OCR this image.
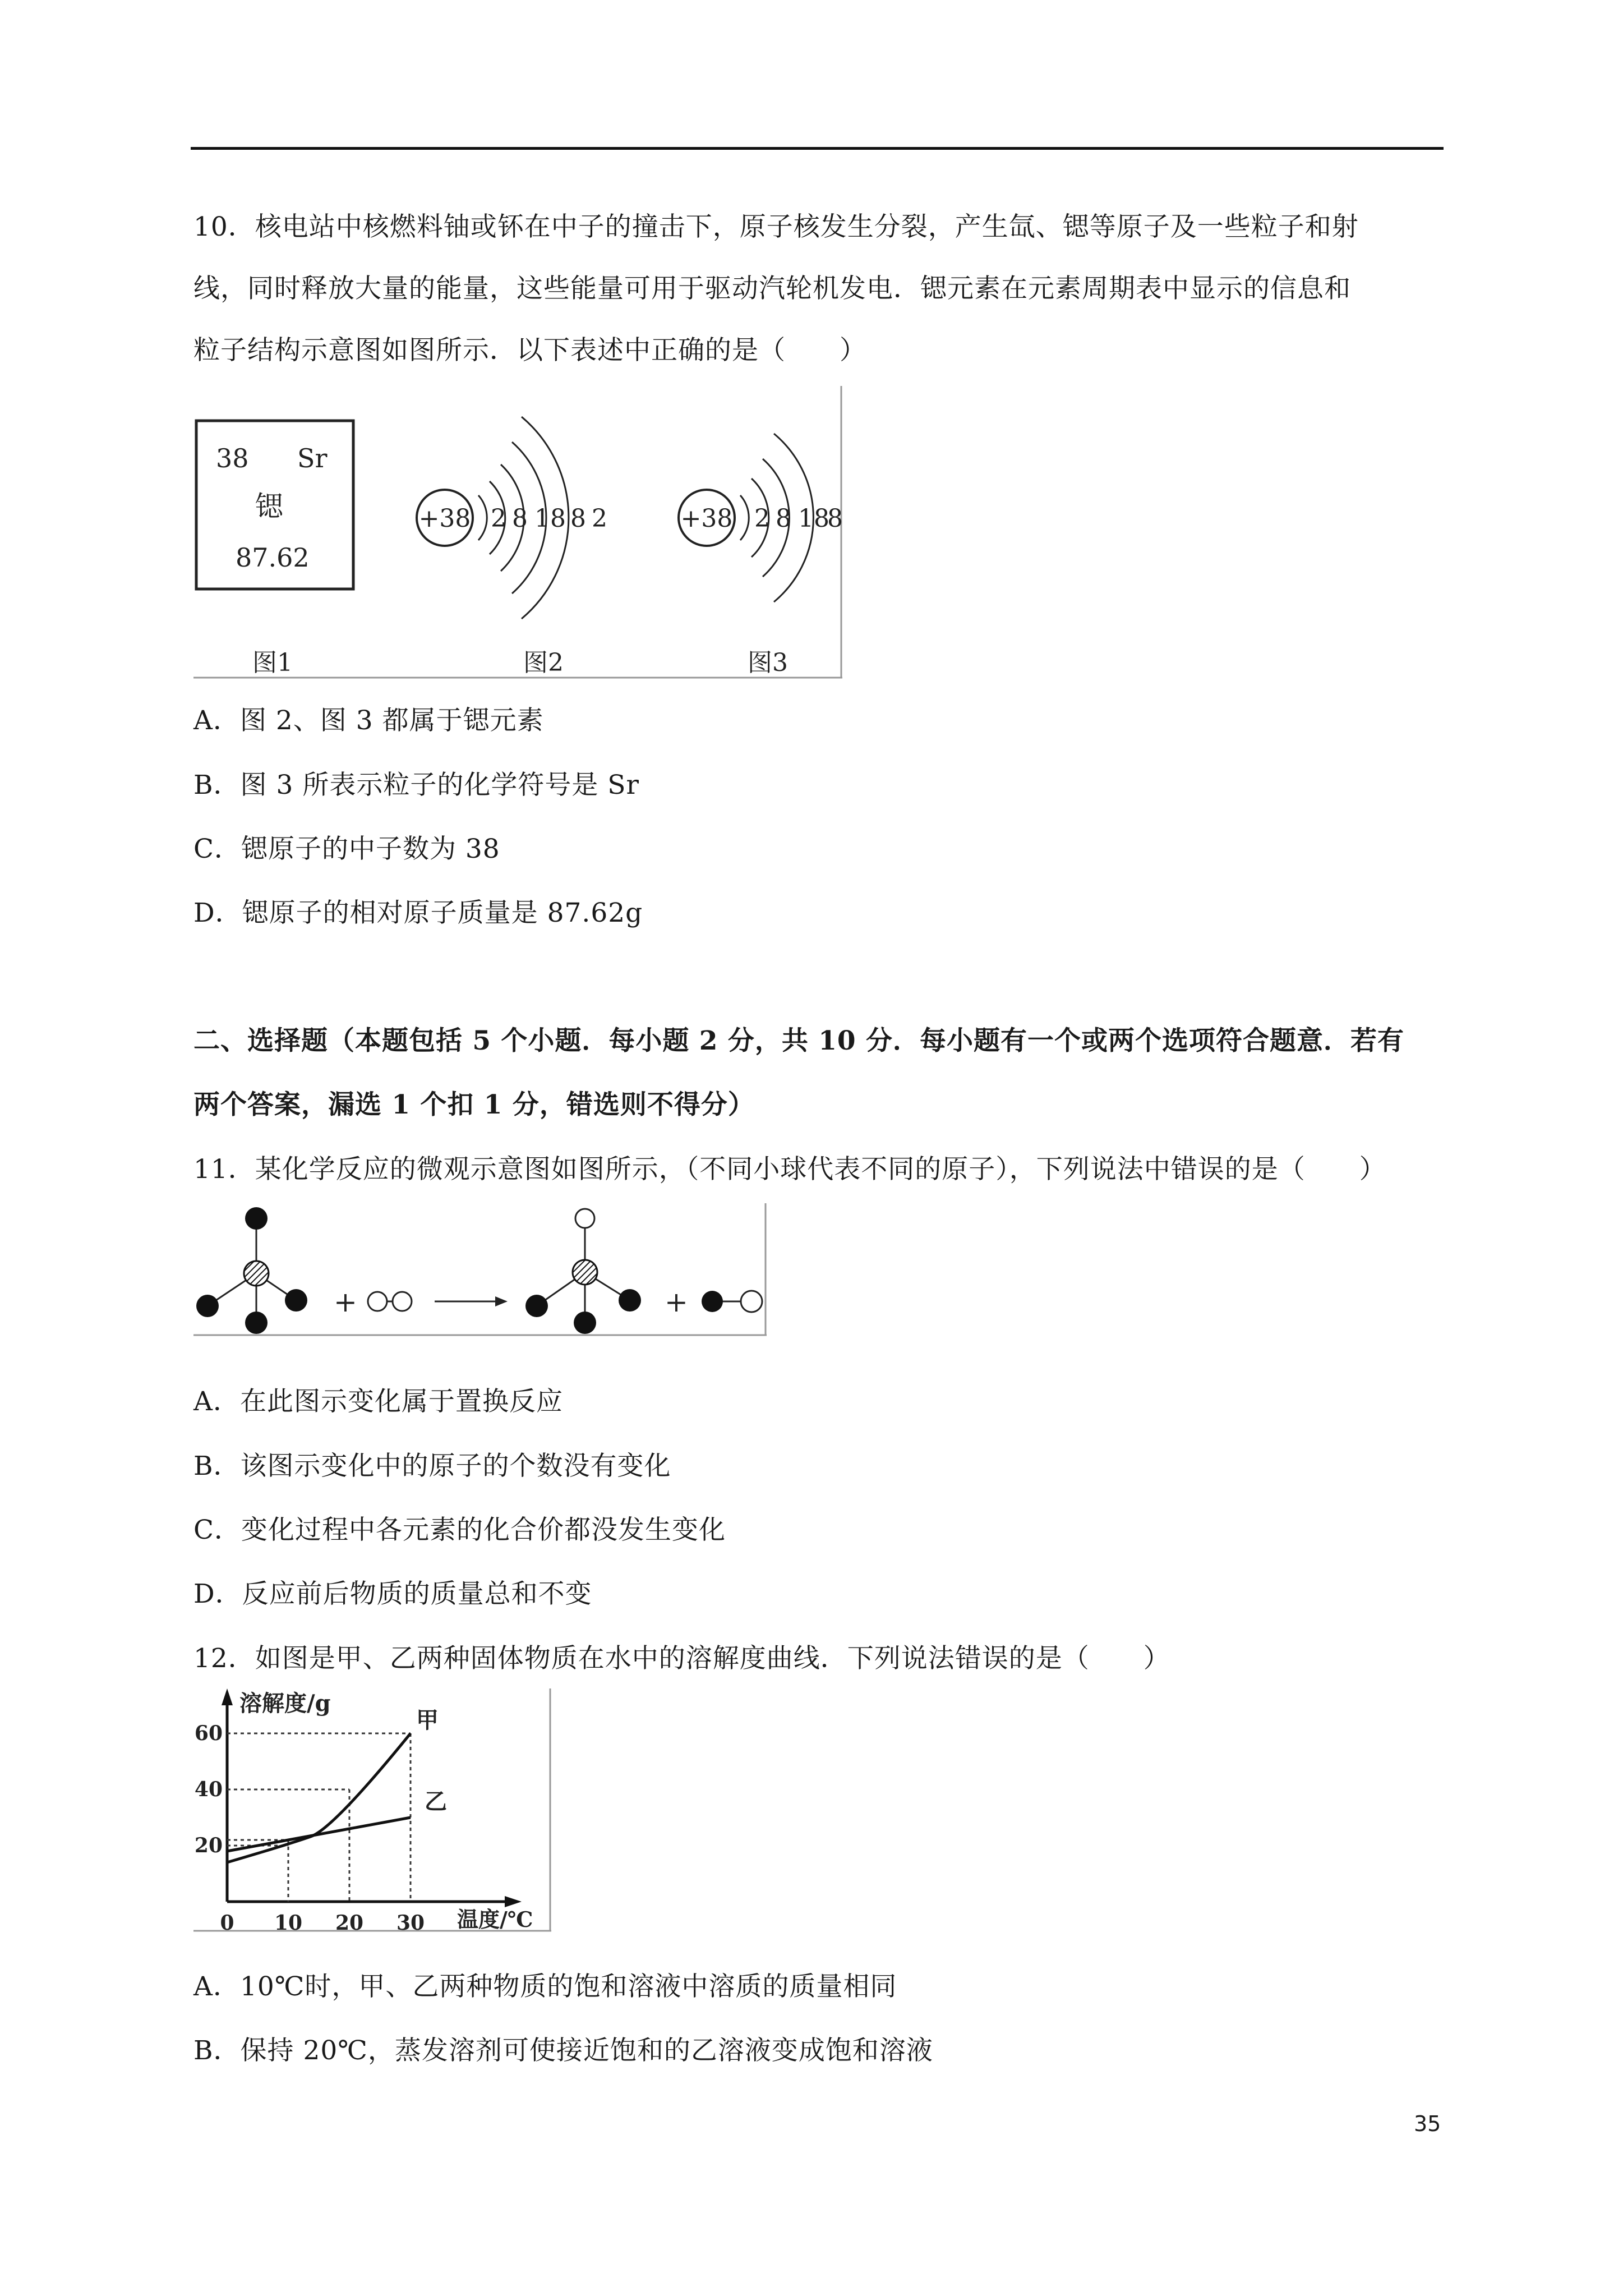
10．核电站中核燃料铀或钚在中子的撞击下，原子核发生分裂，产生氙、锶等原子及一些粒子和射
线，同时释放大量的能量，这些能量可用于驱动汽轮机发电．锶元素在元素周期表中显示的信息和
粒子结构示意图如图所示．以下表述中正确的是（　　）
38 Sr
锶
87.62
+38 2 8 18 8 2	+38 2 8 18
8
图1	图2	图3
A．图 2、图 3 都属于锶元素
B．图 3 所表示粒子的化学符号是 Sr
C．锶原子的中子数为 38
D．锶原子的相对原子质量是 87.62g
二、选择题（本题包括 5 个小题．每小题 2 分，共 10 分．每小题有一个或两个选项符合题意．若有
两个答案，漏选 1 个扣 1 分，错选则不得分）
11．某化学反应的微观示意图如图所示，（不同小球代表不同的原子），下列说法中错误的是（　　）
+	+
A．在此图示变化属于置换反应
B．该图示变化中的原子的个数没有变化
C．变化过程中各元素的化合价都没发生变化
D．反应前后物质的质量总和不变
12．如图是甲、乙两种固体物质在水中的溶解度曲线．下列说法错误的是（　　）
溶解度/g
温度/℃
0 10 20 30
20
40
60	甲
乙
A．10℃时，甲、乙两种物质的饱和溶液中溶质的质量相同
B．保持 20℃，蒸发溶剂可使接近饱和的乙溶液变成饱和溶液
35
